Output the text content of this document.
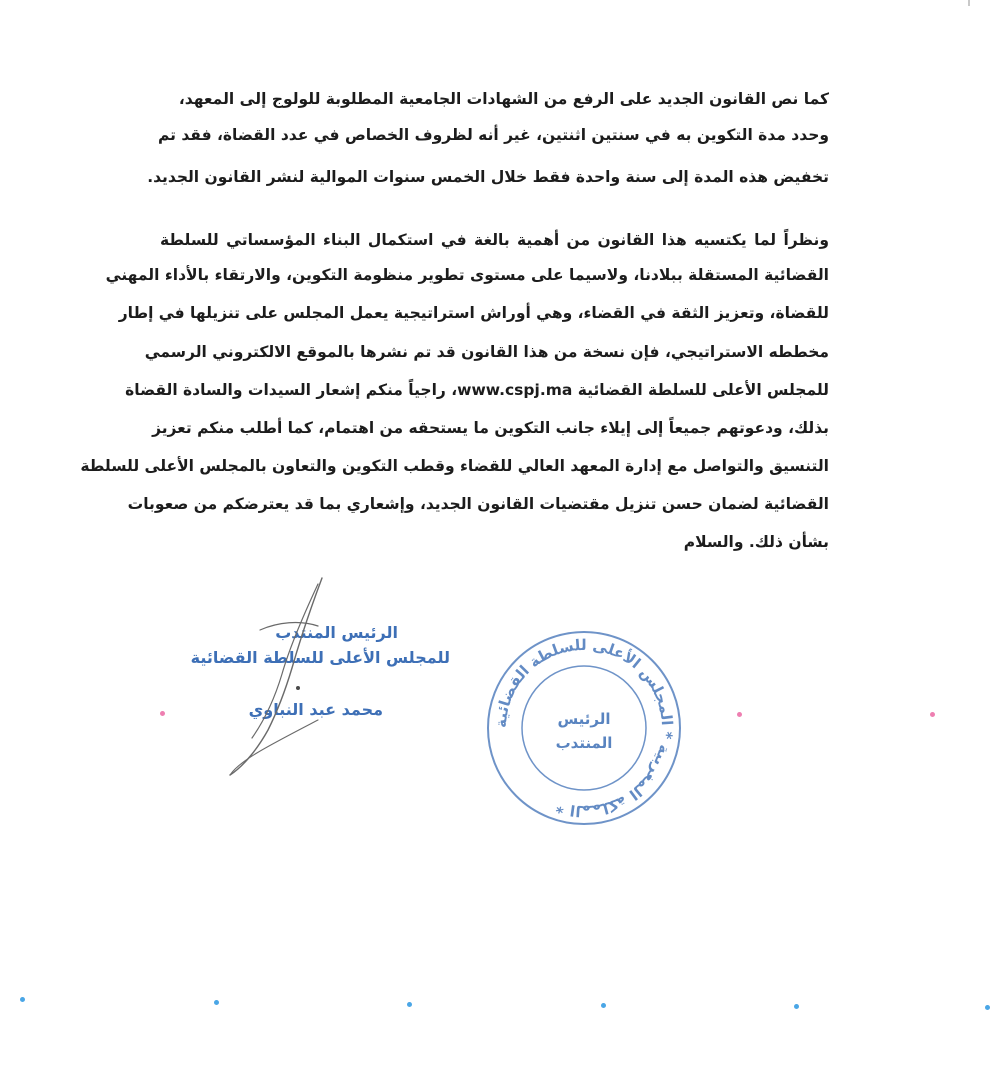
كما نص القانون الجديد على الرفع من الشهادات الجامعية المطلوبة للولوج إلى المعهد،
وحدد مدة التكوين به في سنتين اثنتين، غير أنه لظروف الخصاص في عدد القضاة، فقد تم
تخفيض هذه المدة إلى سنة واحدة فقط خلال الخمس سنوات الموالية لنشر القانون الجديد.
ونظراً لما يكتسيه هذا القانون من أهمية بالغة في استكمال البناء المؤسساتي للسلطة
القضائية المستقلة ببلادنا، ولاسيما على مستوى تطوير منظومة التكوين، والارتقاء بالأداء المهني
للقضاة، وتعزيز الثقة في القضاء، وهي أوراش استراتيجية يعمل المجلس على تنزيلها في إطار
مخططه الاستراتيجي، فإن نسخة من هذا القانون قد تم نشرها بالموقع الالكتروني الرسمي
للمجلس الأعلى للسلطة القضائية www.cspj.ma، راجياً منكم إشعار السيدات والسادة القضاة
بذلك، ودعوتهم جميعاً إلى إيلاء جانب التكوين ما يستحقه من اهتمام، كما أطلب منكم تعزيز
التنسيق والتواصل مع إدارة المعهد العالي للقضاء وقطب التكوين والتعاون بالمجلس الأعلى للسلطة
القضائية لضمان حسن تنزيل مقتضيات القانون الجديد، وإشعاري بما قد يعترضكم من صعوبات
بشأن ذلك. والسلام
الرئيس المنتدب
للمجلس الأعلى للسلطة القضائية
محمد عبد النباوي
المملكة المغربية * المجلس الأعلى للسلطة القضائية *
الرئيس
المنتدب
